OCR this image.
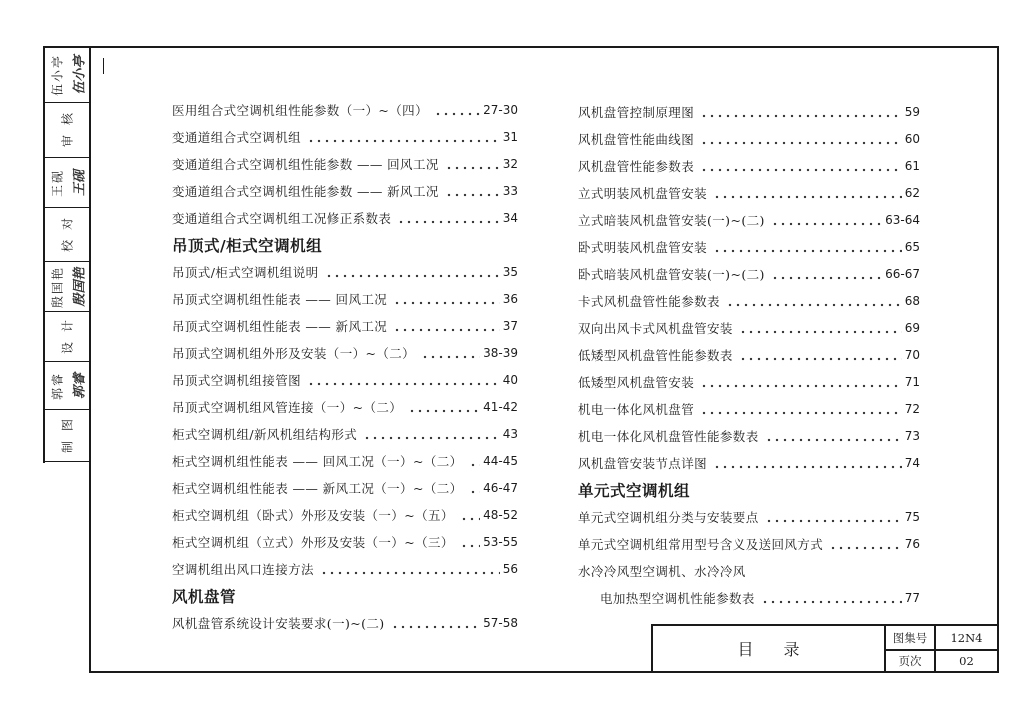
伍小亭 伍小亭
审核
王砚 王砚
校对
殷国艳 殷国艳
设计
郭睿 郭睿
制图
医用组合式空调机组性能参数（一）~（四）	27-30
变通道组合式空调机组	31
变通道组合式空调机组性能参数 —— 回风工况	32
变通道组合式空调机组性能参数 —— 新风工况	33
变通道组合式空调机组工况修正系数表	34
吊顶式/柜式空调机组
吊顶式/柜式空调机组说明	35
吊顶式空调机组性能表 —— 回风工况	36
吊顶式空调机组性能表 —— 新风工况	37
吊顶式空调机组外形及安装（一）~（二）	38-39
吊顶式空调机组接管图	40
吊顶式空调机组风管连接（一）~（二）	41-42
柜式空调机组/新风机组结构形式	43
柜式空调机组性能表 —— 回风工况（一）~（二） 44-45
柜式空调机组性能表 —— 新风工况（一）~（二） 46-47
柜式空调机组（卧式）外形及安装（一）~（五） 48-52
柜式空调机组（立式）外形及安装（一）~（三） 53-55
空调机组出风口连接方法	56
风机盘管
风机盘管系统设计安装要求(一)~(二)	57-58
风机盘管控制原理图	59
风机盘管性能曲线图	60
风机盘管性能参数表	61
立式明装风机盘管安装	62
立式暗装风机盘管安装(一)~(二)	63-64
卧式明装风机盘管安装	65
卧式暗装风机盘管安装(一)~(二)	66-67
卡式风机盘管性能参数表	68
双向出风卡式风机盘管安装	69
低矮型风机盘管性能参数表	70
低矮型风机盘管安装	71
机电一体化风机盘管	72
机电一体化风机盘管性能参数表	73
风机盘管安装节点详图	74
单元式空调机组
单元式空调机组分类与安装要点	75
单元式空调机组常用型号含义及送回风方式	76
水冷冷风型空调机、水冷冷风
电加热型空调机性能参数表	77
目录
图集号	12N4
页次	02
